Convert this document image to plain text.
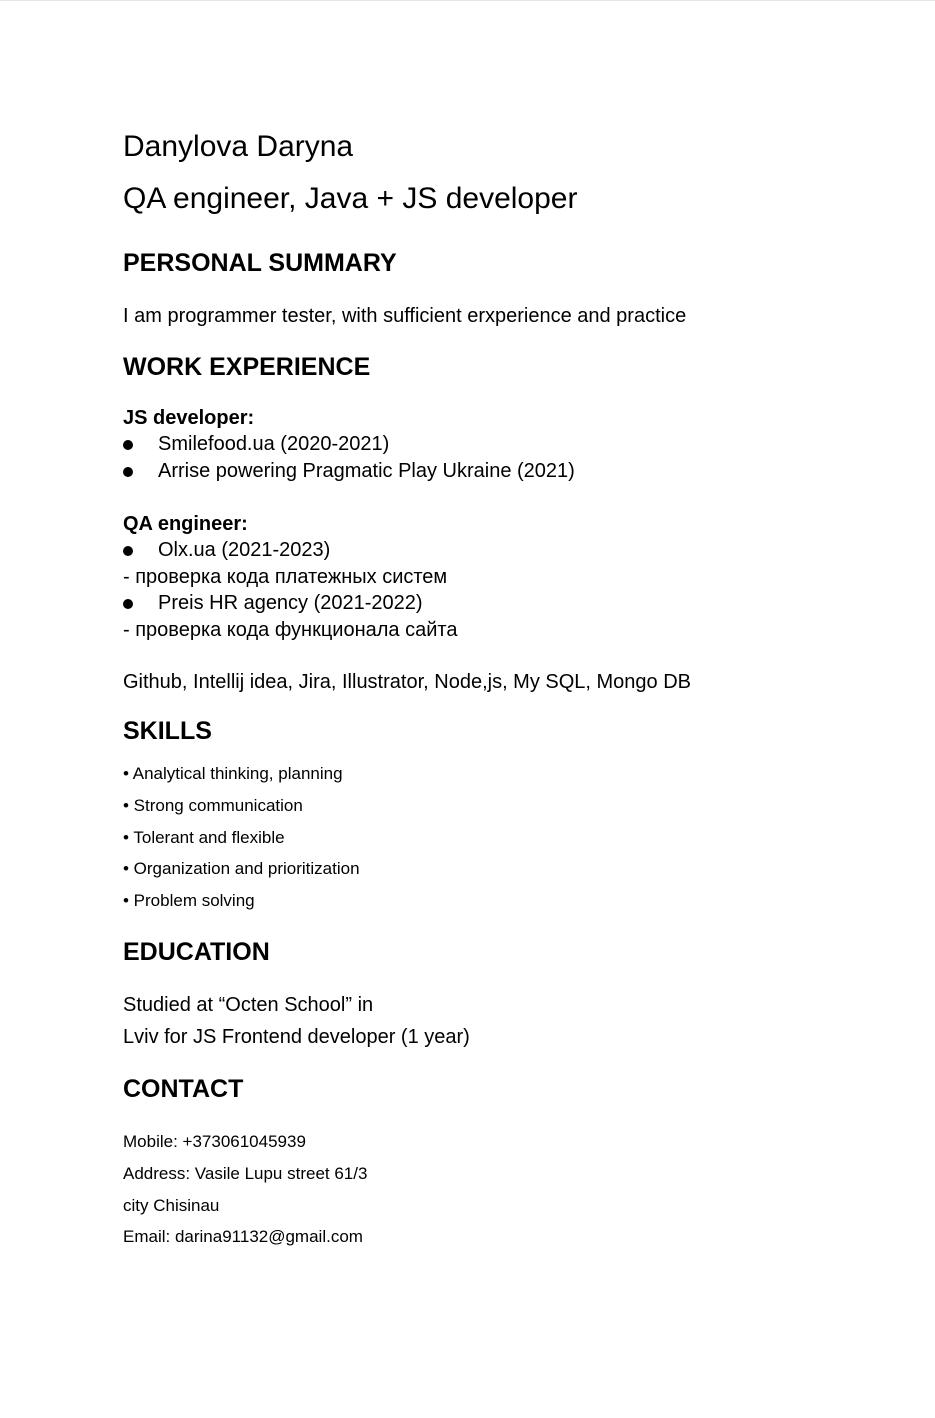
Danylova Daryna
QA engineer, Java + JS developer
PERSONAL SUMMARY
I am programmer tester, with sufficient erxperience and practice
WORK EXPERIENCE
JS developer:
Smilefood.ua (2020-2021)
Arrise powering Pragmatic Play Ukraine (2021)
QA engineer:
Olx.ua (2021-2023)
- проверка кода платежных систем
Preis HR agency (2021-2022)
- проверка кода функционала сайта
Github, Intellij idea, Jira, Illustrator, Node,js, My SQL, Mongo DB
SKILLS
• Analytical thinking, planning
• Strong communication
• Tolerant and flexible
• Organization and prioritization
• Problem solving
EDUCATION
Studied at “Octen School” in
Lviv for JS Frontend developer (1 year)
CONTACT
Mobile: +373061045939
Address: Vasile Lupu street 61/3
city Chisinau
Email: darina91132@gmail.com
